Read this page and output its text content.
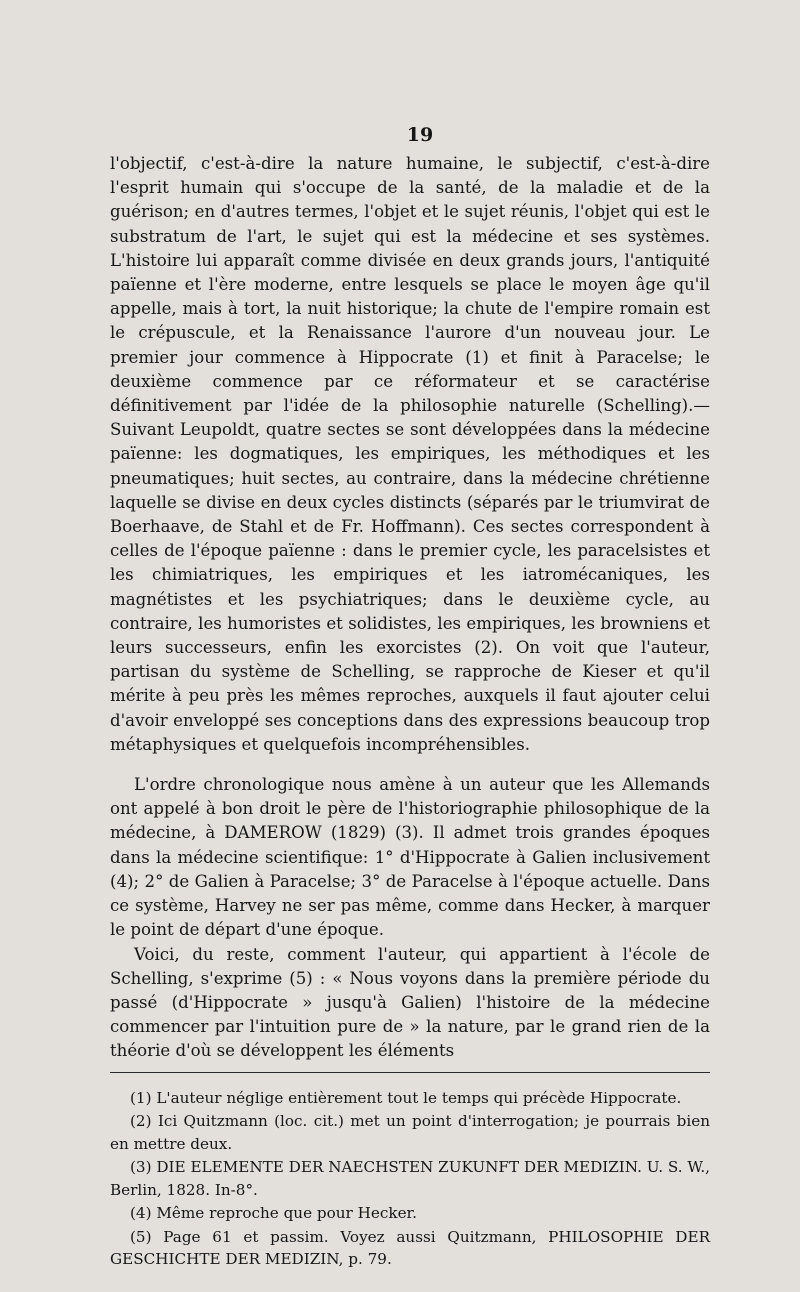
19

l'objectif, c'est-à-dire la nature humaine, le subjectif, c'est-à-dire l'esprit humain qui s'occupe de la santé, de la maladie et de la guérison; en d'autres termes, l'objet et le sujet réunis, l'objet qui est le substratum de l'art, le sujet qui est la médecine et ses systèmes. L'histoire lui apparaît comme divisée en deux grands jours, l'antiquité païenne et l'ère moderne, entre lesquels se place le moyen âge qu'il appelle, mais à tort, la nuit historique; la chute de l'empire romain est le crépuscule, et la Renaissance l'aurore d'un nouveau jour. Le premier jour commence à Hippocrate (1) et finit à Paracelse; le deuxième commence par ce réformateur et se caractérise définitivement par l'idée de la philosophie naturelle (Schelling).—Suivant Leupoldt, quatre sectes se sont développées dans la médecine païenne: les dogmatiques, les empiriques, les méthodiques et les pneumatiques; huit sectes, au contraire, dans la médecine chrétienne laquelle se divise en deux cycles distincts (séparés par le triumvirat de Boerhaave, de Stahl et de Fr. Hoffmann). Ces sectes correspondent à celles de l'époque païenne : dans le premier cycle, les paracelsistes et les chimiatriques, les empiriques et les iatromécaniques, les magnétistes et les psychiatriques; dans le deuxième cycle, au contraire, les humoristes et solidistes, les empiriques, les browniens et leurs successeurs, enfin les exorcistes (2). On voit que l'auteur, partisan du système de Schelling, se rapproche de Kieser et qu'il mérite à peu près les mêmes reproches, auxquels il faut ajouter celui d'avoir enveloppé ses conceptions dans des expressions beaucoup trop métaphysiques et quelquefois incompréhensibles.

L'ordre chronologique nous amène à un auteur que les Allemands ont appelé à bon droit le père de l'historiographie philosophique de la médecine, à DAMEROW (1829) (3). Il admet trois grandes époques dans la médecine scientifique: 1° d'Hippocrate à Galien inclusivement (4); 2° de Galien à Paracelse; 3° de Paracelse à l'époque actuelle. Dans ce système, Harvey ne ser pas même, comme dans Hecker, à marquer le point de départ d'une époque.

Voici, du reste, comment l'auteur, qui appartient à l'école de Schelling, s'exprime (5) : « Nous voyons dans la première période du passé (d'Hippocrate » jusqu'à Galien) l'histoire de la médecine commencer par l'intuition pure de » la nature, par le grand rien de la théorie d'où se développent les éléments

(1) L'auteur néglige entièrement tout le temps qui précède Hippocrate.

(2) Ici Quitzmann (loc. cit.) met un point d'interrogation; je pourrais bien en mettre deux.

(3) DIE ELEMENTE DER NAECHSTEN ZUKUNFT DER MEDIZIN. U. S. W., Berlin, 1828. In-8°.

(4) Même reproche que pour Hecker.

(5) Page 61 et passim. Voyez aussi Quitzmann, PHILOSOPHIE DER GESCHICHTE DER MEDIZIN, p. 79.
